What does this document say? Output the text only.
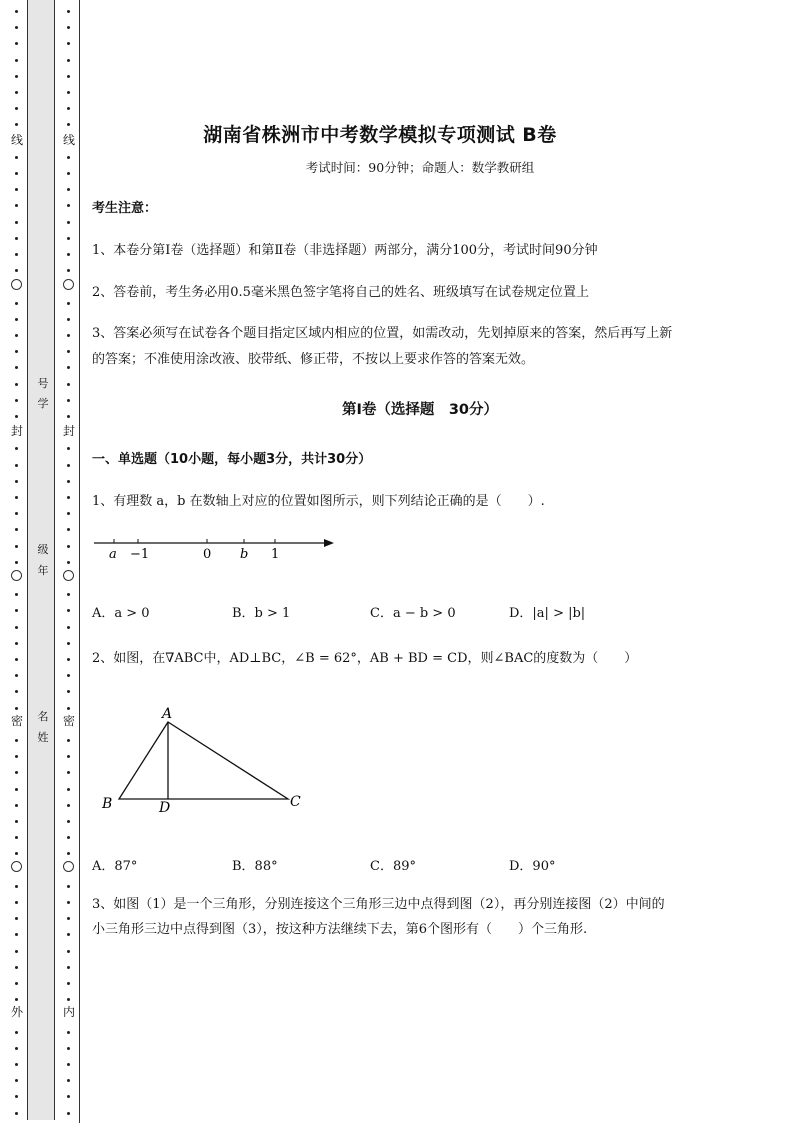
线
封
密
外
线
封
密
内
号
学
级
年
名
姓
湖南省株洲市中考数学模拟专项测试 B卷
考试时间：90分钟；命题人：数学教研组
考生注意：
1、本卷分第I卷（选择题）和第Ⅱ卷（非选择题）两部分，满分100分，考试时间90分钟
2、答卷前，考生务必用0.5毫米黑色签字笔将自己的姓名、班级填写在试卷规定位置上
3、答案必须写在试卷各个题目指定区域内相应的位置，如需改动，先划掉原来的答案，然后再写上新
的答案；不准使用涂改液、胶带纸、修正带，不按以上要求作答的答案无效。
第I卷（选择题　30分）
一、单选题（10小题，每小题3分，共计30分）
1、有理数 a，b 在数轴上对应的位置如图所示，则下列结论正确的是（　　）.
a −1	0 b 1
A．a > 0	B．b > 1	C．a − b > 0	D．|a| > |b|
2、如图，在∇ABC中，AD⊥BC，∠B = 62°，AB + BD = CD，则∠BAC的度数为（　　）
A
B	D	C
A．87°	B．88°	C．89°	D．90°
3、如图（1）是一个三角形，分别连接这个三角形三边中点得到图（2），再分别连接图（2）中间的
小三角形三边中点得到图（3），按这种方法继续下去，第6个图形有（　　）个三角形.
